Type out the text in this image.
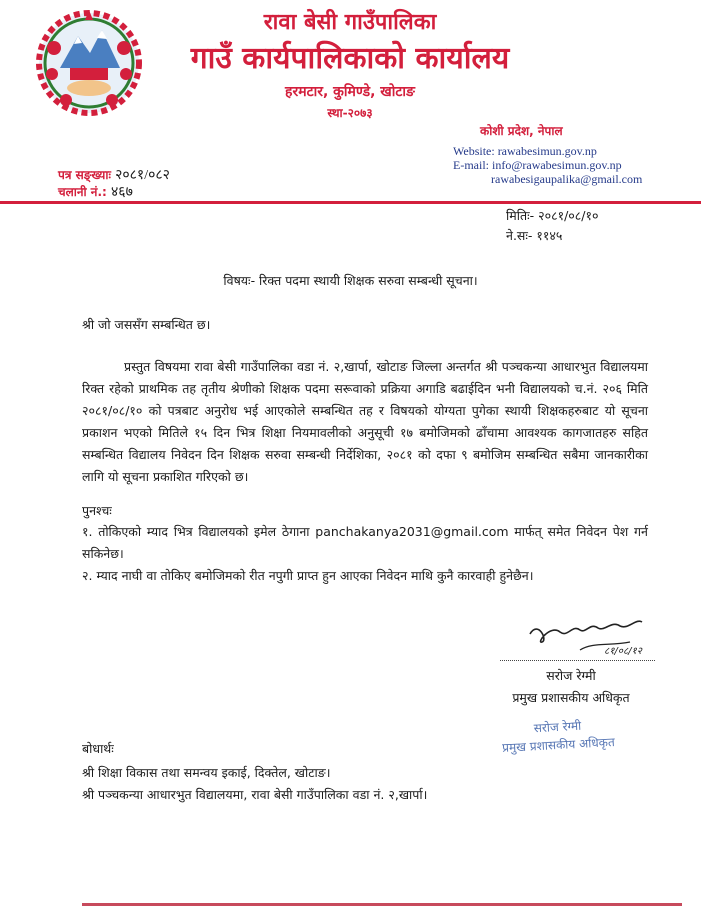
रावा बेसी गाउँपालिका
गाउँ कार्यपालिकाको कार्यालय
हरमटार, कुमिण्डे, खोटाङ
स्था-२०७३
कोशी प्रदेश, नेपाल
Website: rawabesimun.gov.np
E-mail: info@rawabesimun.gov.np
rawabesigaupalika@gmail.com
पत्र सङ्ख्याः २०८१/०८२
चलानी नं.: ४६७
मितिः- २०८१/०८/१०
ने.सः- ११४५
विषयः- रिक्त पदमा स्थायी शिक्षक सरुवा सम्बन्धी सूचना।
श्री जो जससँग सम्बन्धित छ।
प्रस्तुत विषयमा रावा बेसी गाउँपालिका वडा नं. २,खार्पा, खोटाङ जिल्ला अन्तर्गत श्री पञ्चकन्या आधारभुत विद्यालयमा रिक्त रहेको प्राथमिक तह तृतीय श्रेणीको शिक्षक पदमा सरूवाको प्रक्रिया अगाडि बढाईदिन भनी विद्यालयको च.नं. २०६ मिति २०८१/०८/१० को पत्रबाट अनुरोध भई आएकोले सम्बन्धित तह र विषयको योग्यता पुगेका स्थायी शिक्षकहरुबाट यो सूचना प्रकाशन भएको मितिले १५ दिन भित्र शिक्षा नियमावलीको अनुसूची १७ बमोजिमको ढाँचामा आवश्यक कागजातहरु सहित सम्बन्धित विद्यालय निवेदन दिन शिक्षक सरुवा सम्बन्धी निर्देशिका, २०८१ को दफा ९ बमोजिम सम्बन्धित सबैमा जानकारीका लागि यो सूचना प्रकाशित गरिएको छ।
पुनश्चः
१. तोकिएको म्याद भित्र विद्यालयको इमेल ठेगाना panchakanya2031@gmail.com मार्फत् समेत निवेदन पेश गर्न सकिनेछ।
२. म्याद नाघी वा तोकिए बमोजिमको रीत नपुगी प्राप्त हुन आएका निवेदन माथि कुनै कारवाही हुनेछैन।
८१/०८/१२
सरोज रेग्मी
प्रमुख प्रशासकीय अधिकृत
सरोज रेग्मी
प्रमुख प्रशासकीय अधिकृत
बोधार्थः
श्री शिक्षा विकास तथा समन्वय इकाई, दिक्तेल, खोटाङ।
श्री पञ्चकन्या आधारभुत विद्यालयमा, रावा बेसी गाउँपालिका वडा नं. २,खार्पा।
